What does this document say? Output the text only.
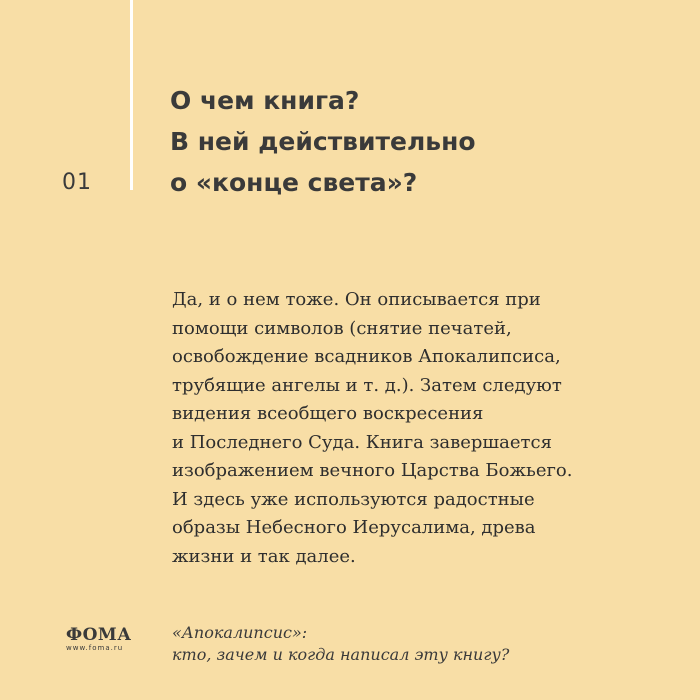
01

О чем книга?
В ней действительно
о «конце света»?
Да, и о нем тоже. Он описывается при
помощи символов (снятие печатей,
освобождение всадников Апокалипсиса,
трубящие ангелы и т. д.). Затем следуют
видения всеобщего воскресения
и Последнего Суда. Книга завершается
изображением вечного Царства Божьего.
И здесь уже используются радостные
образы Небесного Иерусалима, древа
жизни и так далее.
ФОМА
www.foma.ru
«Апокалипсис»:
кто, зачем и когда написал эту книгу?
